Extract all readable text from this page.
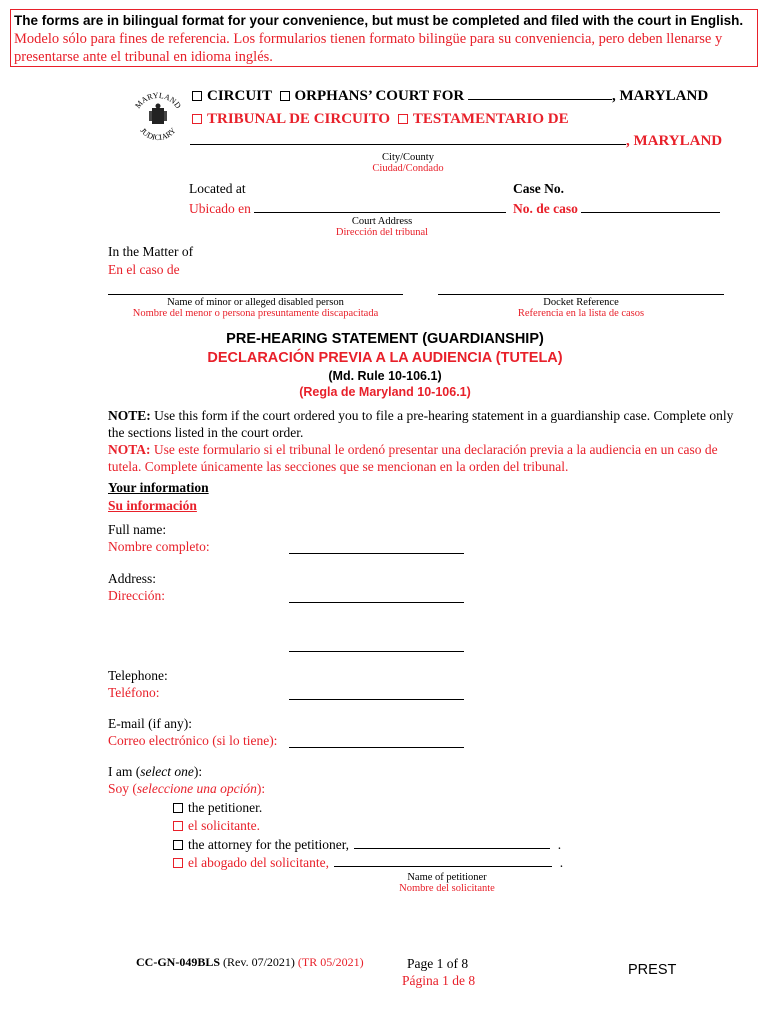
The forms are in bilingual format for your convenience, but must be completed and filed with the court in English.
Modelo sólo para fines de referencia. Los formularios tienen formato bilingüe para su conveniencia, pero deben llenarse y presentarse ante el tribunal en idioma inglés.
MARYLAND
JUDICIARY
CIRCUIT ORPHANS’ COURT FOR	, MARYLAND
TRIBUNAL DE CIRCUITO TESTAMENTARIO DE
, MARYLAND
City/County
Ciudad/Condado
Located at
Ubicado en
Court Address
Dirección del tribunal
Case No.
No. de caso
In the Matter of
En el caso de
Name of minor or alleged disabled person
Nombre del menor o persona presuntamente discapacitada
Docket Reference
Referencia en la lista de casos
PRE-HEARING STATEMENT (GUARDIANSHIP)
DECLARACIÓN PREVIA A LA AUDIENCIA (TUTELA)
(Md. Rule 10-106.1)
(Regla de Maryland 10-106.1)
NOTE: Use this form if the court ordered you to file a pre-hearing statement in a guardianship case. Complete only the sections listed in the court order.
NOTA: Use este formulario si el tribunal le ordenó presentar una declaración previa a la audiencia en un caso de tutela. Complete únicamente las secciones que se mencionan en la orden del tribunal.
Your information
Su información
Full name:
Nombre completo:
Address:
Dirección:
Telephone:
Teléfono:
E-mail (if any):
Correo electrónico (si lo tiene):
I am (select one):
Soy (seleccione una opción):
the petitioner.
el solicitante.
the attorney for the petitioner,	.
el abogado del solicitante,	.
Name of petitioner
Nombre del solicitante
CC-GN-049BLS (Rev. 07/2021) (TR 05/2021)	Page 1 of 8
Página 1 de 8
PREST
